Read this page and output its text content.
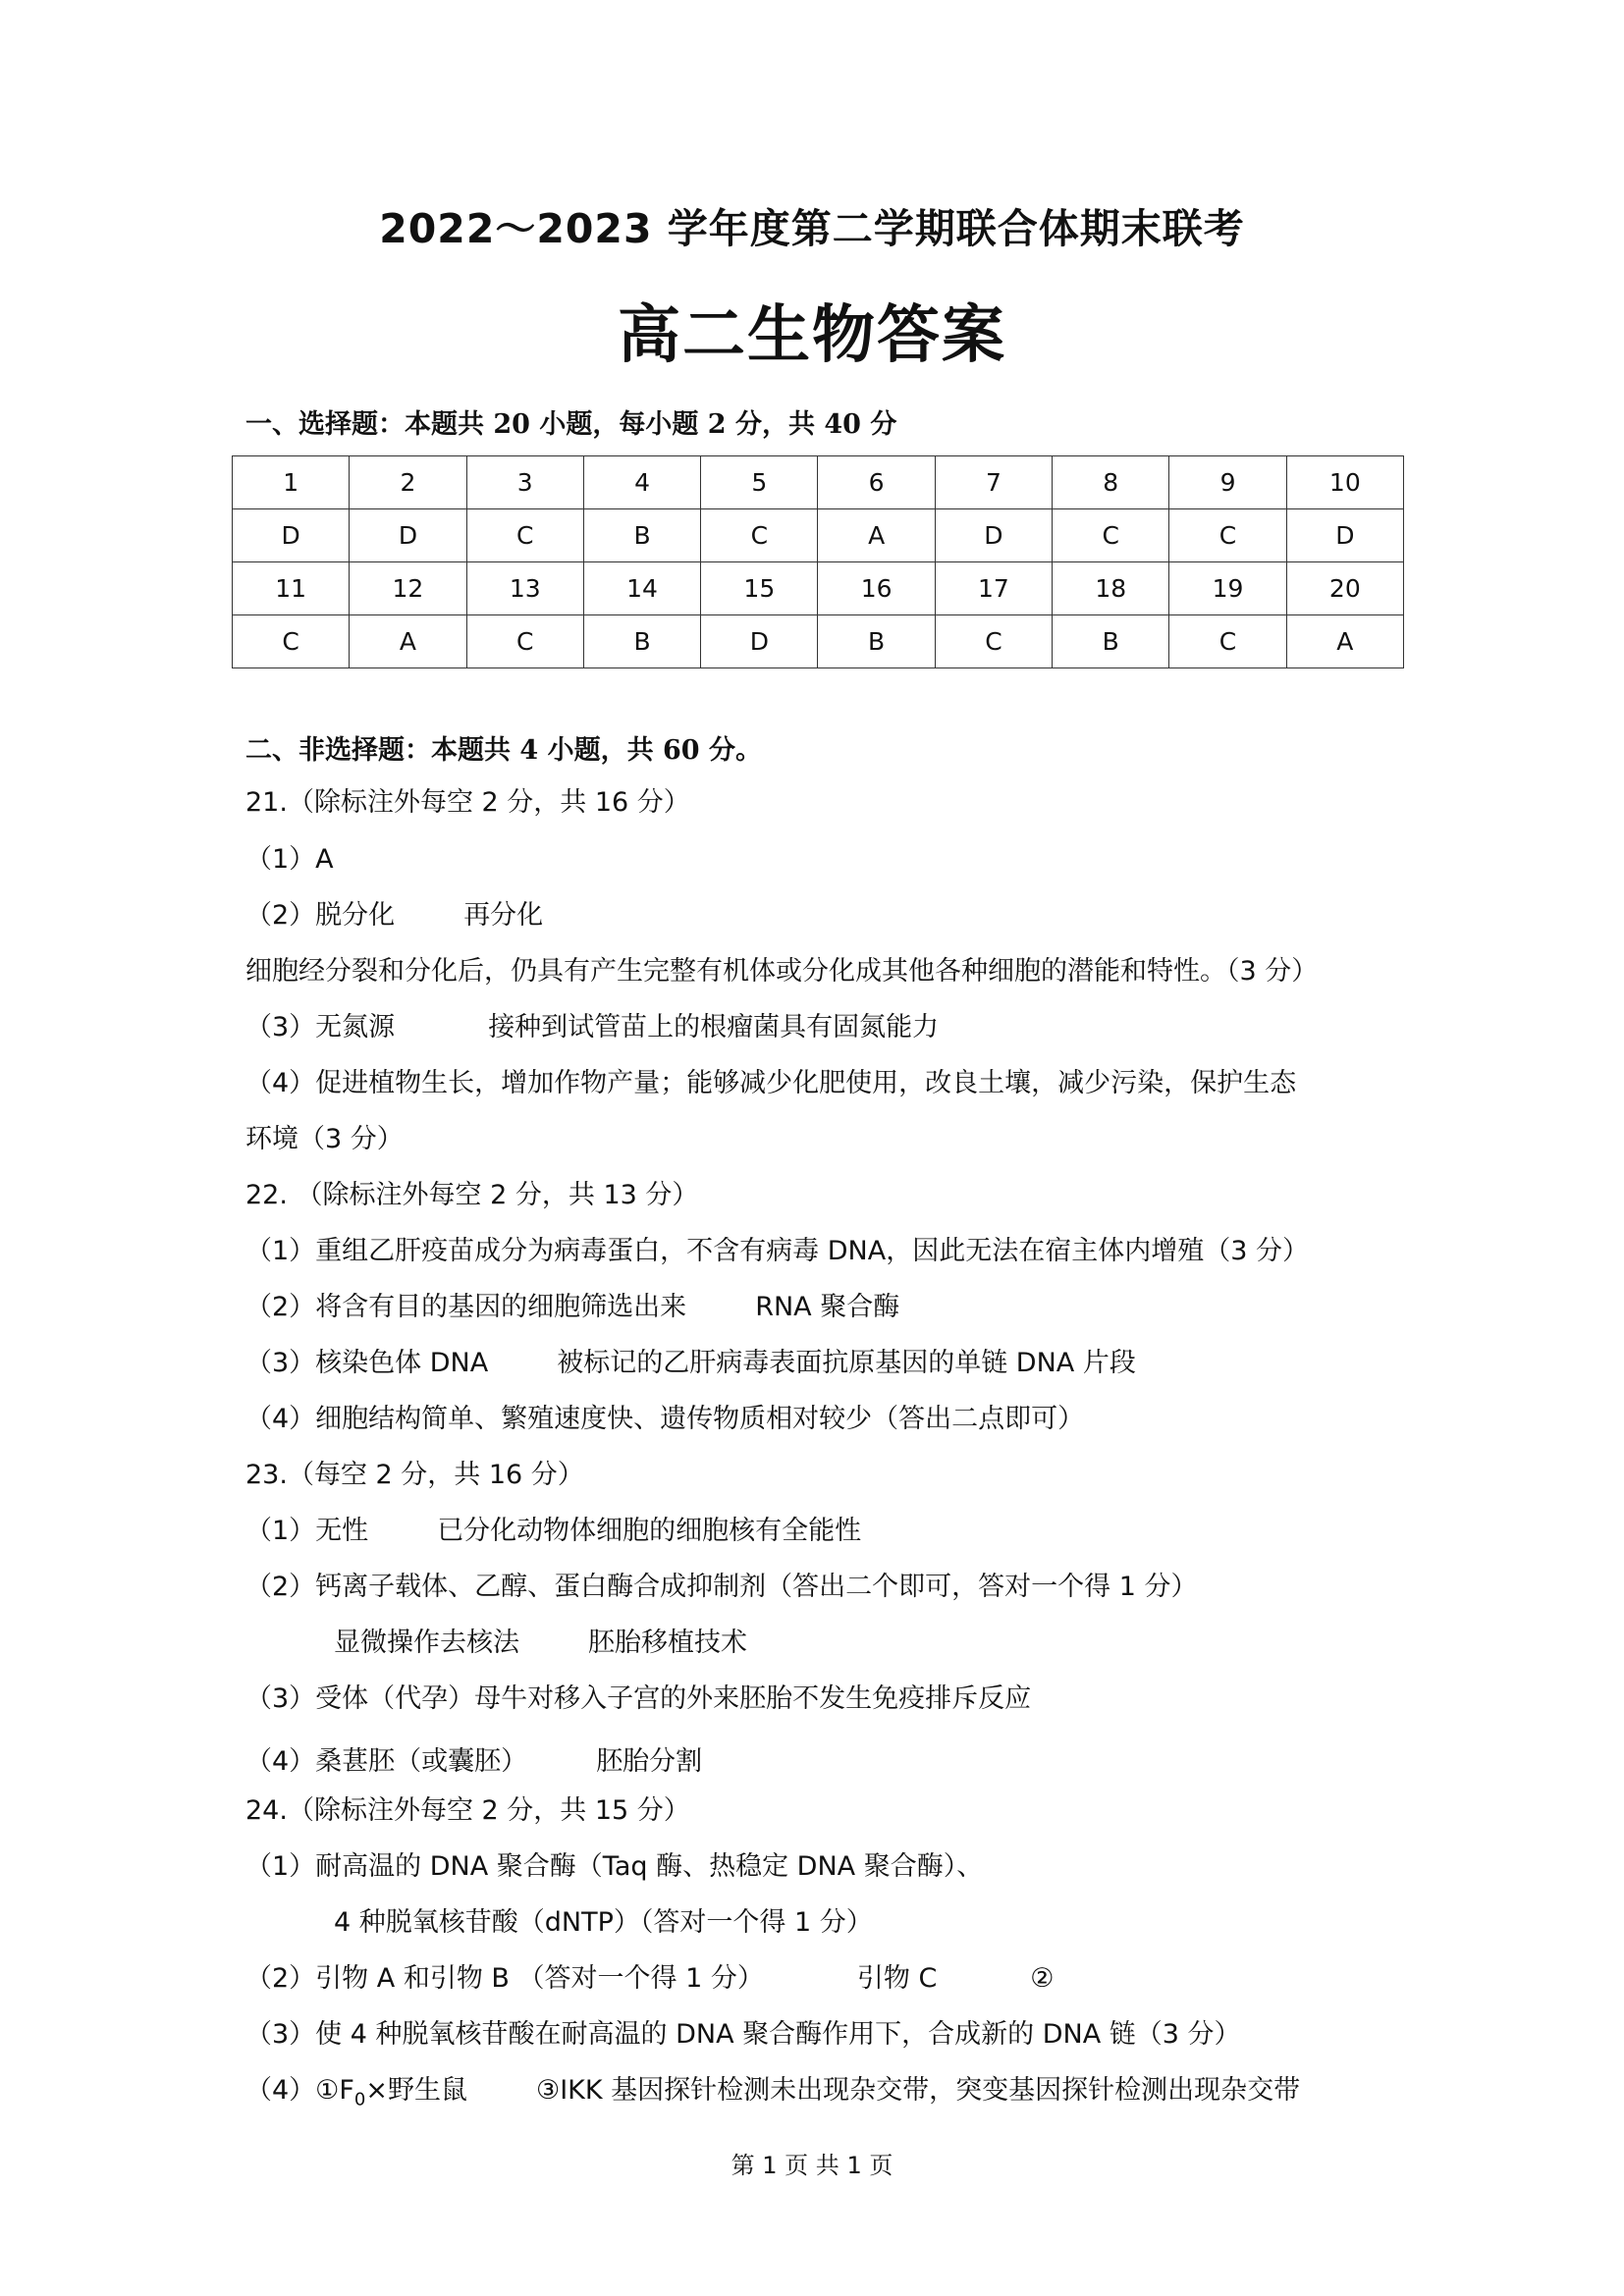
2022～2023 学年度第二学期联合体期末联考
高二生物答案
一、选择题：本题共 20 小题，每小题 2 分，共 40 分
1	2	3	4	5	6	7	8	9	10
D	D	C	B	C	A	D	C	C	D
11	12	13	14	15	16	17	18	19	20
C	A	C	B	D	B	C	B	C	A
二、非选择题：本题共 4 小题，共 60 分。
21.（除标注外每空 2 分，共 16 分）
（1）A
（2）脱分化	再分化
细胞经分裂和分化后，仍具有产生完整有机体或分化成其他各种细胞的潜能和特性。（3 分）
（3）无氮源	接种到试管苗上的根瘤菌具有固氮能力
（4）促进植物生长，增加作物产量；能够减少化肥使用，改良土壤，减少污染，保护生态
环境（3 分）
22. （除标注外每空 2 分，共 13 分）
（1）重组乙肝疫苗成分为病毒蛋白，不含有病毒 DNA，因此无法在宿主体内增殖（3 分）
（2）将含有目的基因的细胞筛选出来	RNA 聚合酶
（3）核染色体 DNA	被标记的乙肝病毒表面抗原基因的单链 DNA 片段
（4）细胞结构简单、繁殖速度快、遗传物质相对较少（答出二点即可）
23.（每空 2 分，共 16 分）
（1）无性	已分化动物体细胞的细胞核有全能性
（2）钙离子载体、乙醇、蛋白酶合成抑制剂（答出二个即可，答对一个得 1 分）
显微操作去核法	胚胎移植技术
（3）受体（代孕）母牛对移入子宫的外来胚胎不发生免疫排斥反应
（4）桑葚胚（或囊胚）	胚胎分割
24.（除标注外每空 2 分，共 15 分）
（1）耐高温的 DNA 聚合酶（Taq 酶、热稳定 DNA 聚合酶）、
4 种脱氧核苷酸（dNTP）（答对一个得 1 分）
（2）引物 A 和引物 B （答对一个得 1 分）	引物 C	②
（3）使 4 种脱氧核苷酸在耐高温的 DNA 聚合酶作用下，合成新的 DNA 链（3 分）
$(4)①F_0\times$野生鼠	③IKK 基因探针检测未出现杂交带，突变基因探针检测出现杂交带
第 1 页 共 1 页
